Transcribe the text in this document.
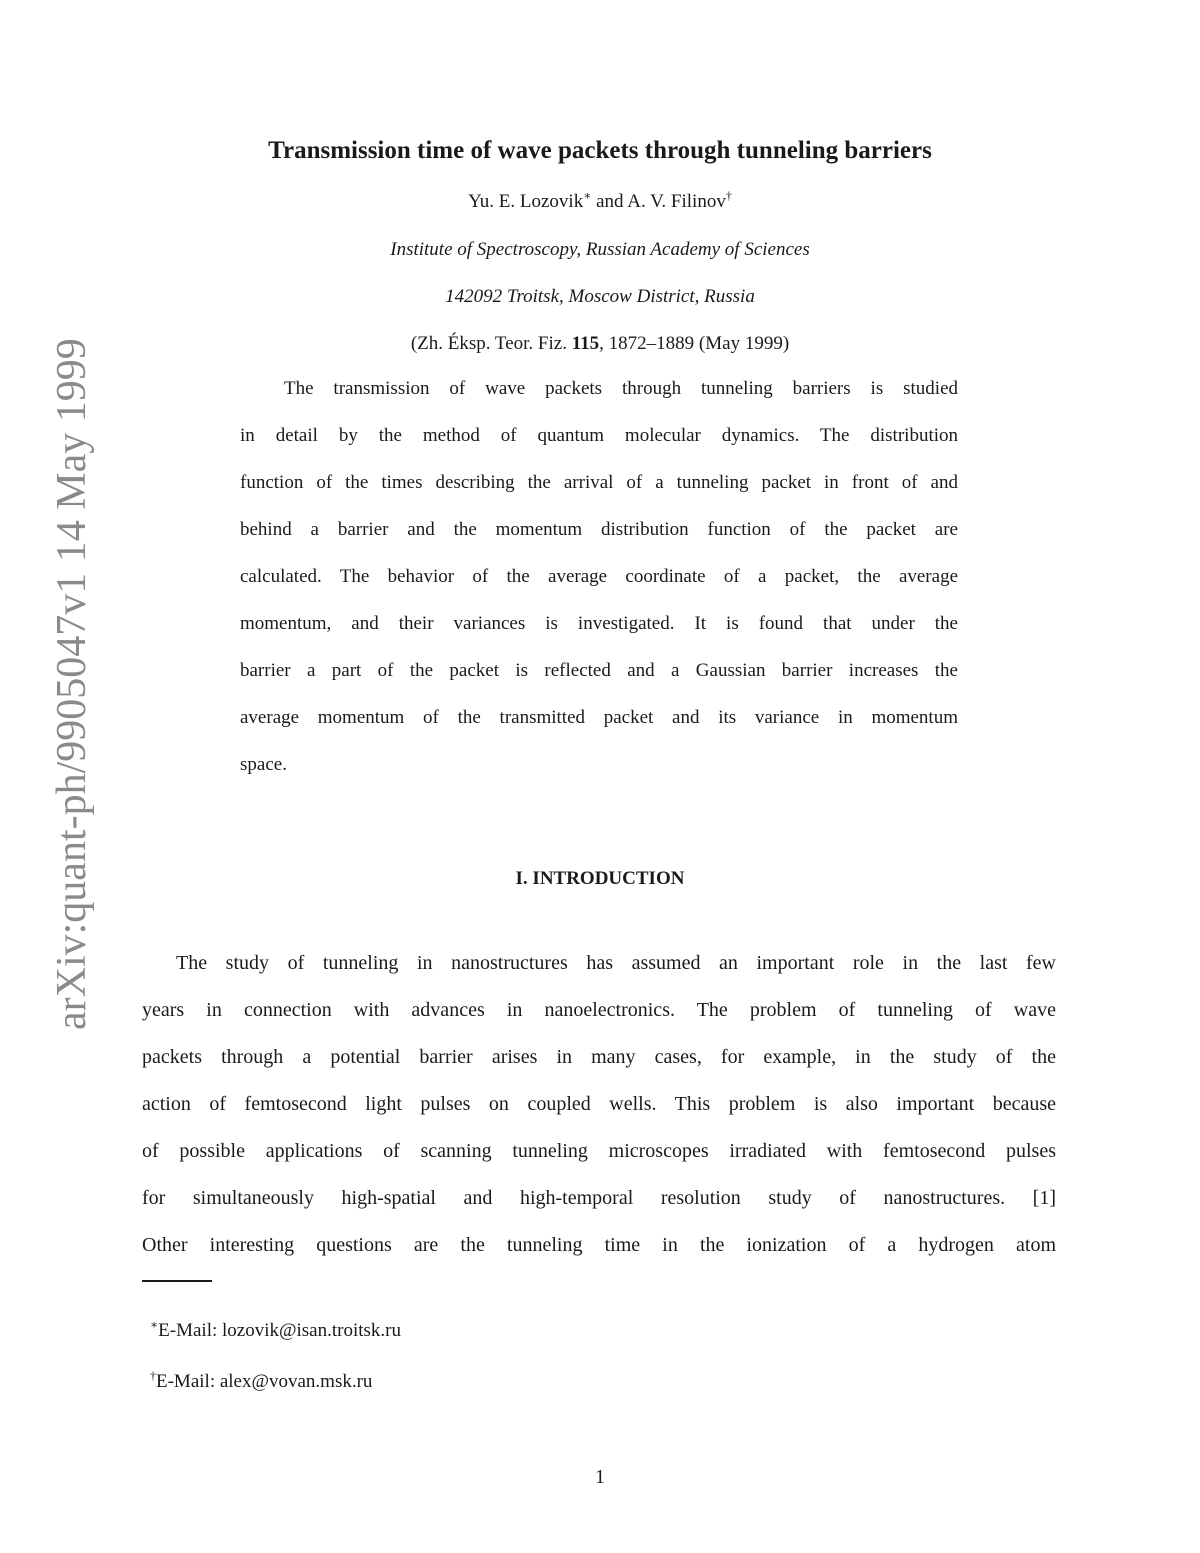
arXiv:quant-ph/9905047v1 14 May 1999
Transmission time of wave packets through tunneling barriers
Yu. E. Lozovik∗ and A. V. Filinov†
Institute of Spectroscopy, Russian Academy of Sciences
142092 Troitsk, Moscow District, Russia
(Zh. Éksp. Teor. Fiz. 115, 1872–1889 (May 1999)
The transmission of wave packets through tunneling barriers is studied
in detail by the method of quantum molecular dynamics. The distribution
function of the times describing the arrival of a tunneling packet in front of and
behind a barrier and the momentum distribution function of the packet are
calculated. The behavior of the average coordinate of a packet, the average
momentum, and their variances is investigated. It is found that under the
barrier a part of the packet is reflected and a Gaussian barrier increases the
average momentum of the transmitted packet and its variance in momentum
space.
I. INTRODUCTION
The study of tunneling in nanostructures has assumed an important role in the last few
years in connection with advances in nanoelectronics. The problem of tunneling of wave
packets through a potential barrier arises in many cases, for example, in the study of the
action of femtosecond light pulses on coupled wells. This problem is also important because
of possible applications of scanning tunneling microscopes irradiated with femtosecond pulses
for simultaneously high-spatial and high-temporal resolution study of nanostructures. [1]
Other interesting questions are the tunneling time in the ionization of a hydrogen atom
∗E-Mail: lozovik@isan.troitsk.ru
†E-Mail: alex@vovan.msk.ru
1
